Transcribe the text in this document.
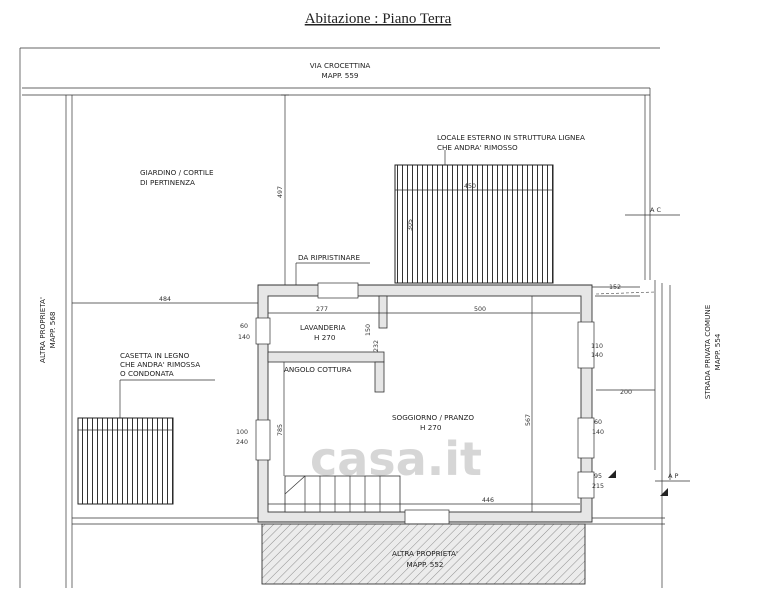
Abitazione : Piano Terra
VIA CROCETTINA
MAPP. 559
GIARDINO / CORTILE
DI PERTINENZA
497	450
305
LOCALE ESTERNO IN STRUTTURA LIGNEA
CHE ANDRA' RIMOSSO
A C
DA RIPRISTINARE
484
ALTRA PROPRIETA' MAPP. 568
CASETTA IN LEGNO
CHE ANDRA' RIMOSSA
O CONDONATA
277	500
152
446
567
785
150
232
200
60
140
100
240
110
140
60
140
95
215
LAVANDERIA
H 270
ANGOLO COTTURA
SOGGIORNO / PRANZO
H 270
casa.it
ALTRA PROPRIETA'
MAPP. 552
STRADA PRIVATA COMUNE MAPP. 554
A P
